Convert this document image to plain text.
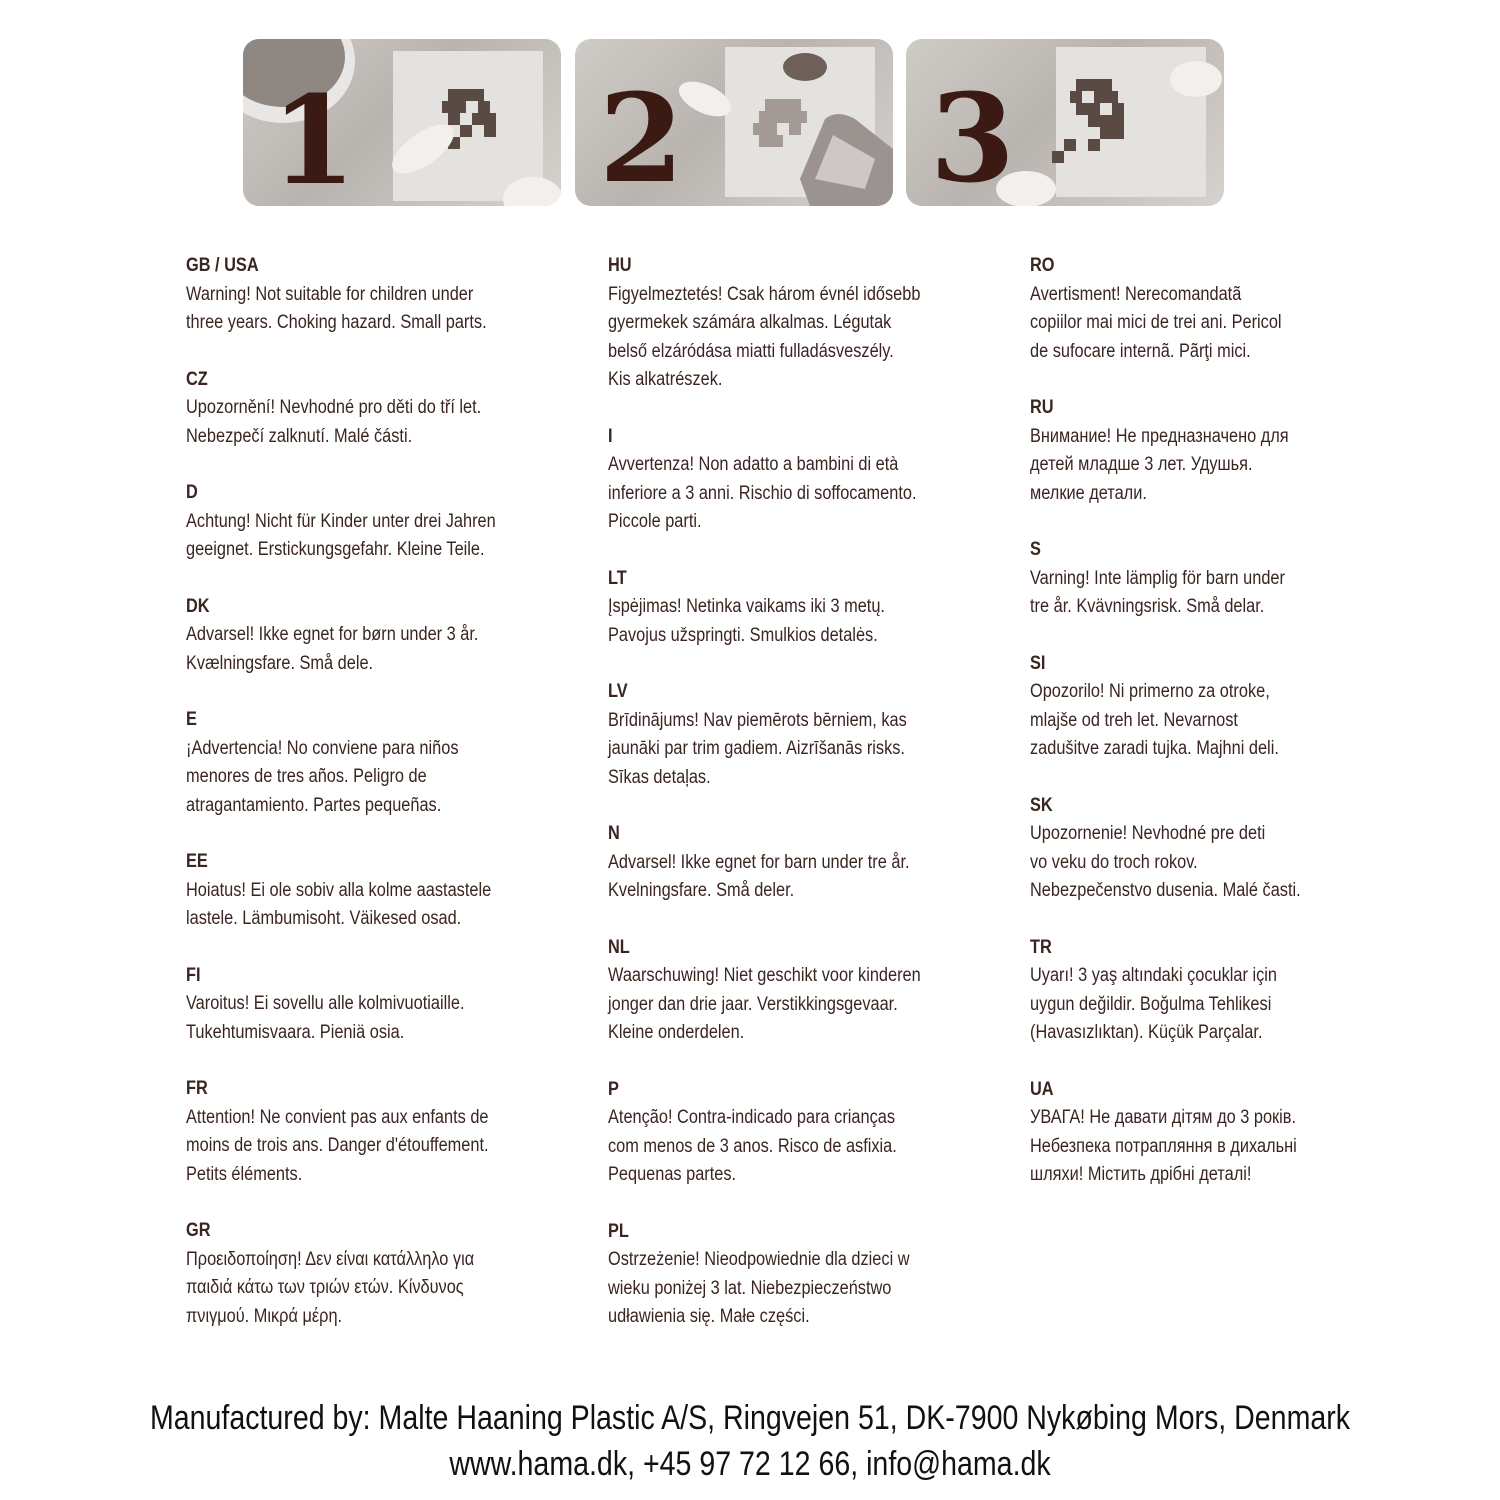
1 2 3
GB / USA
Warning! Not suitable for children under
three years. Choking hazard. Small parts.
CZ
Upozornění! Nevhodné pro děti do tří let.
Nebezpečí zalknutí. Malé části.
D
Achtung! Nicht für Kinder unter drei Jahren
geeignet. Erstickungsgefahr. Kleine Teile.
DK
Advarsel! Ikke egnet for børn under 3 år.
Kvælningsfare. Små dele.
E
¡Advertencia! No conviene para niños
menores de tres años. Peligro de
atragantamiento. Partes pequeñas.
EE
Hoiatus! Ei ole sobiv alla kolme aastastele
lastele. Lämbumisoht. Väikesed osad.
FI
Varoitus! Ei sovellu alle kolmivuotiaille.
Tukehtumisvaara. Pieniä osia.
FR
Attention! Ne convient pas aux enfants de
moins de trois ans. Danger d'étouffement.
Petits éléments.
GR
Προειδοποίηση! Δεν είναι κατάλληλο για
παιδιά κάτω των τριών ετών. Κίνδυνος
πνιγμού. Μικρά μέρη.
HU
Figyelmeztetés! Csak három évnél idősebb
gyermekek számára alkalmas. Légutak
belső elzáródása miatti fulladásveszély.
Kis alkatrészek.
I
Avvertenza! Non adatto a bambini di età
inferiore a 3 anni. Rischio di soffocamento.
Piccole parti.
LT
Įspėjimas! Netinka vaikams iki 3 metų.
Pavojus užspringti. Smulkios detalės.
LV
Brīdinājums! Nav piemērots bērniem, kas
jaunāki par trim gadiem. Aizrīšanās risks.
Sīkas detaļas.
N
Advarsel! Ikke egnet for barn under tre år.
Kvelningsfare. Små deler.
NL
Waarschuwing! Niet geschikt voor kinderen
jonger dan drie jaar. Verstikkingsgevaar.
Kleine onderdelen.
P
Atenção! Contra-indicado para crianças
com menos de 3 anos. Risco de asfixia.
Pequenas partes.
PL
Ostrzeżenie! Nieodpowiednie dla dzieci w
wieku poniżej 3 lat. Niebezpieczeństwo
udławienia się. Małe części.
RO
Avertisment! Nerecomandatã
copiilor mai mici de trei ani. Pericol
de sufocare internã. Pãrţi mici.
RU
Внимание! Не предназначено для
детей младше 3 лет. Удушья.
мелкие детали.
S
Varning! Inte lämplig för barn under
tre år. Kvävningsrisk. Små delar.
SI
Opozorilo! Ni primerno za otroke,
mlajše od treh let. Nevarnost
zadušitve zaradi tujka. Majhni deli.
SK
Upozornenie! Nevhodné pre deti
vo veku do troch rokov.
Nebezpečenstvo dusenia. Malé časti.
TR
Uyarı! 3 yaş altındaki çocuklar için
uygun değildir. Boğulma Tehlikesi
(Havasızlıktan). Küçük Parçalar.
UA
УВАГА! Не давати дітям до 3 років.
Небезпека потрапляння в дихальні
шляхи! Містить дрібні деталі!
Manufactured by: Malte Haaning Plastic A/S, Ringvejen 51, DK-7900 Nykøbing Mors, Denmark
www.hama.dk, +45 97 72 12 66, info@hama.dk
